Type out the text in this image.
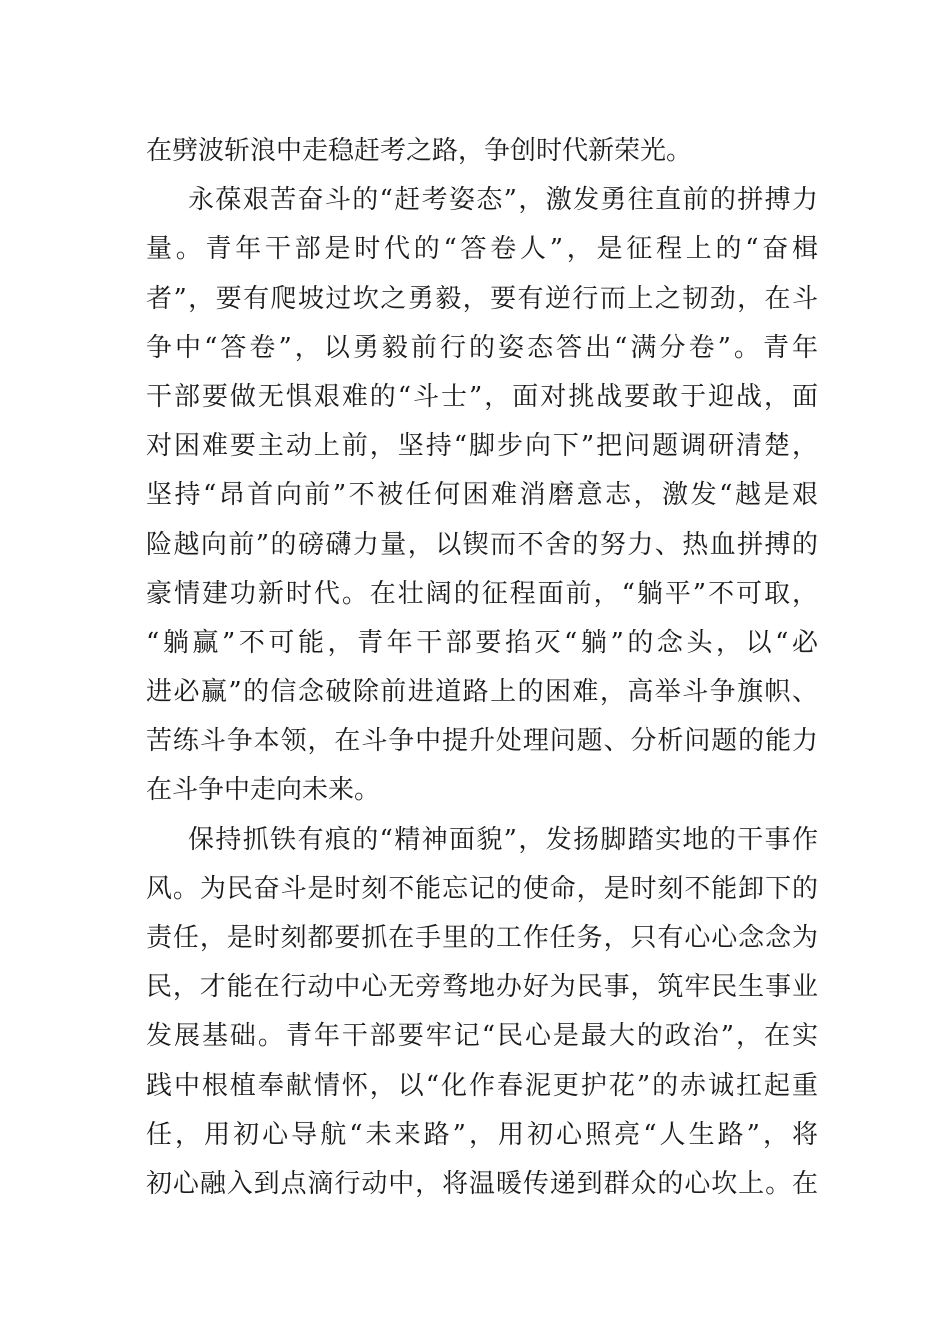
在劈波斩浪中走稳赶考之路，争创时代新荣光。
永葆艰苦奋斗的“赶考姿态”，激发勇往直前的拼搏力
量。青年干部是时代的“答卷人”，是征程上的“奋楫
者”，要有爬坡过坎之勇毅，要有逆行而上之韧劲，在斗
争中“答卷”，以勇毅前行的姿态答出“满分卷”。青年
干部要做无惧艰难的“斗士”，面对挑战要敢于迎战，面
对困难要主动上前，坚持“脚步向下”把问题调研清楚，
坚持“昂首向前”不被任何困难消磨意志，激发“越是艰
险越向前”的磅礴力量，以锲而不舍的努力、热血拼搏的
豪情建功新时代。在壮阔的征程面前，“躺平”不可取，
“躺赢”不可能，青年干部要掐灭“躺”的念头，以“必
进必赢”的信念破除前进道路上的困难，高举斗争旗帜、
苦练斗争本领，在斗争中提升处理问题、分析问题的能力
在斗争中走向未来。
保持抓铁有痕的“精神面貌”，发扬脚踏实地的干事作
风。为民奋斗是时刻不能忘记的使命，是时刻不能卸下的
责任，是时刻都要抓在手里的工作任务，只有心心念念为
民，才能在行动中心无旁骛地办好为民事，筑牢民生事业
发展基础。青年干部要牢记“民心是最大的政治”，在实
践中根植奉献情怀，以“化作春泥更护花”的赤诚扛起重
任，用初心导航“未来路”，用初心照亮“人生路”，将
初心融入到点滴行动中，将温暖传递到群众的心坎上。在
